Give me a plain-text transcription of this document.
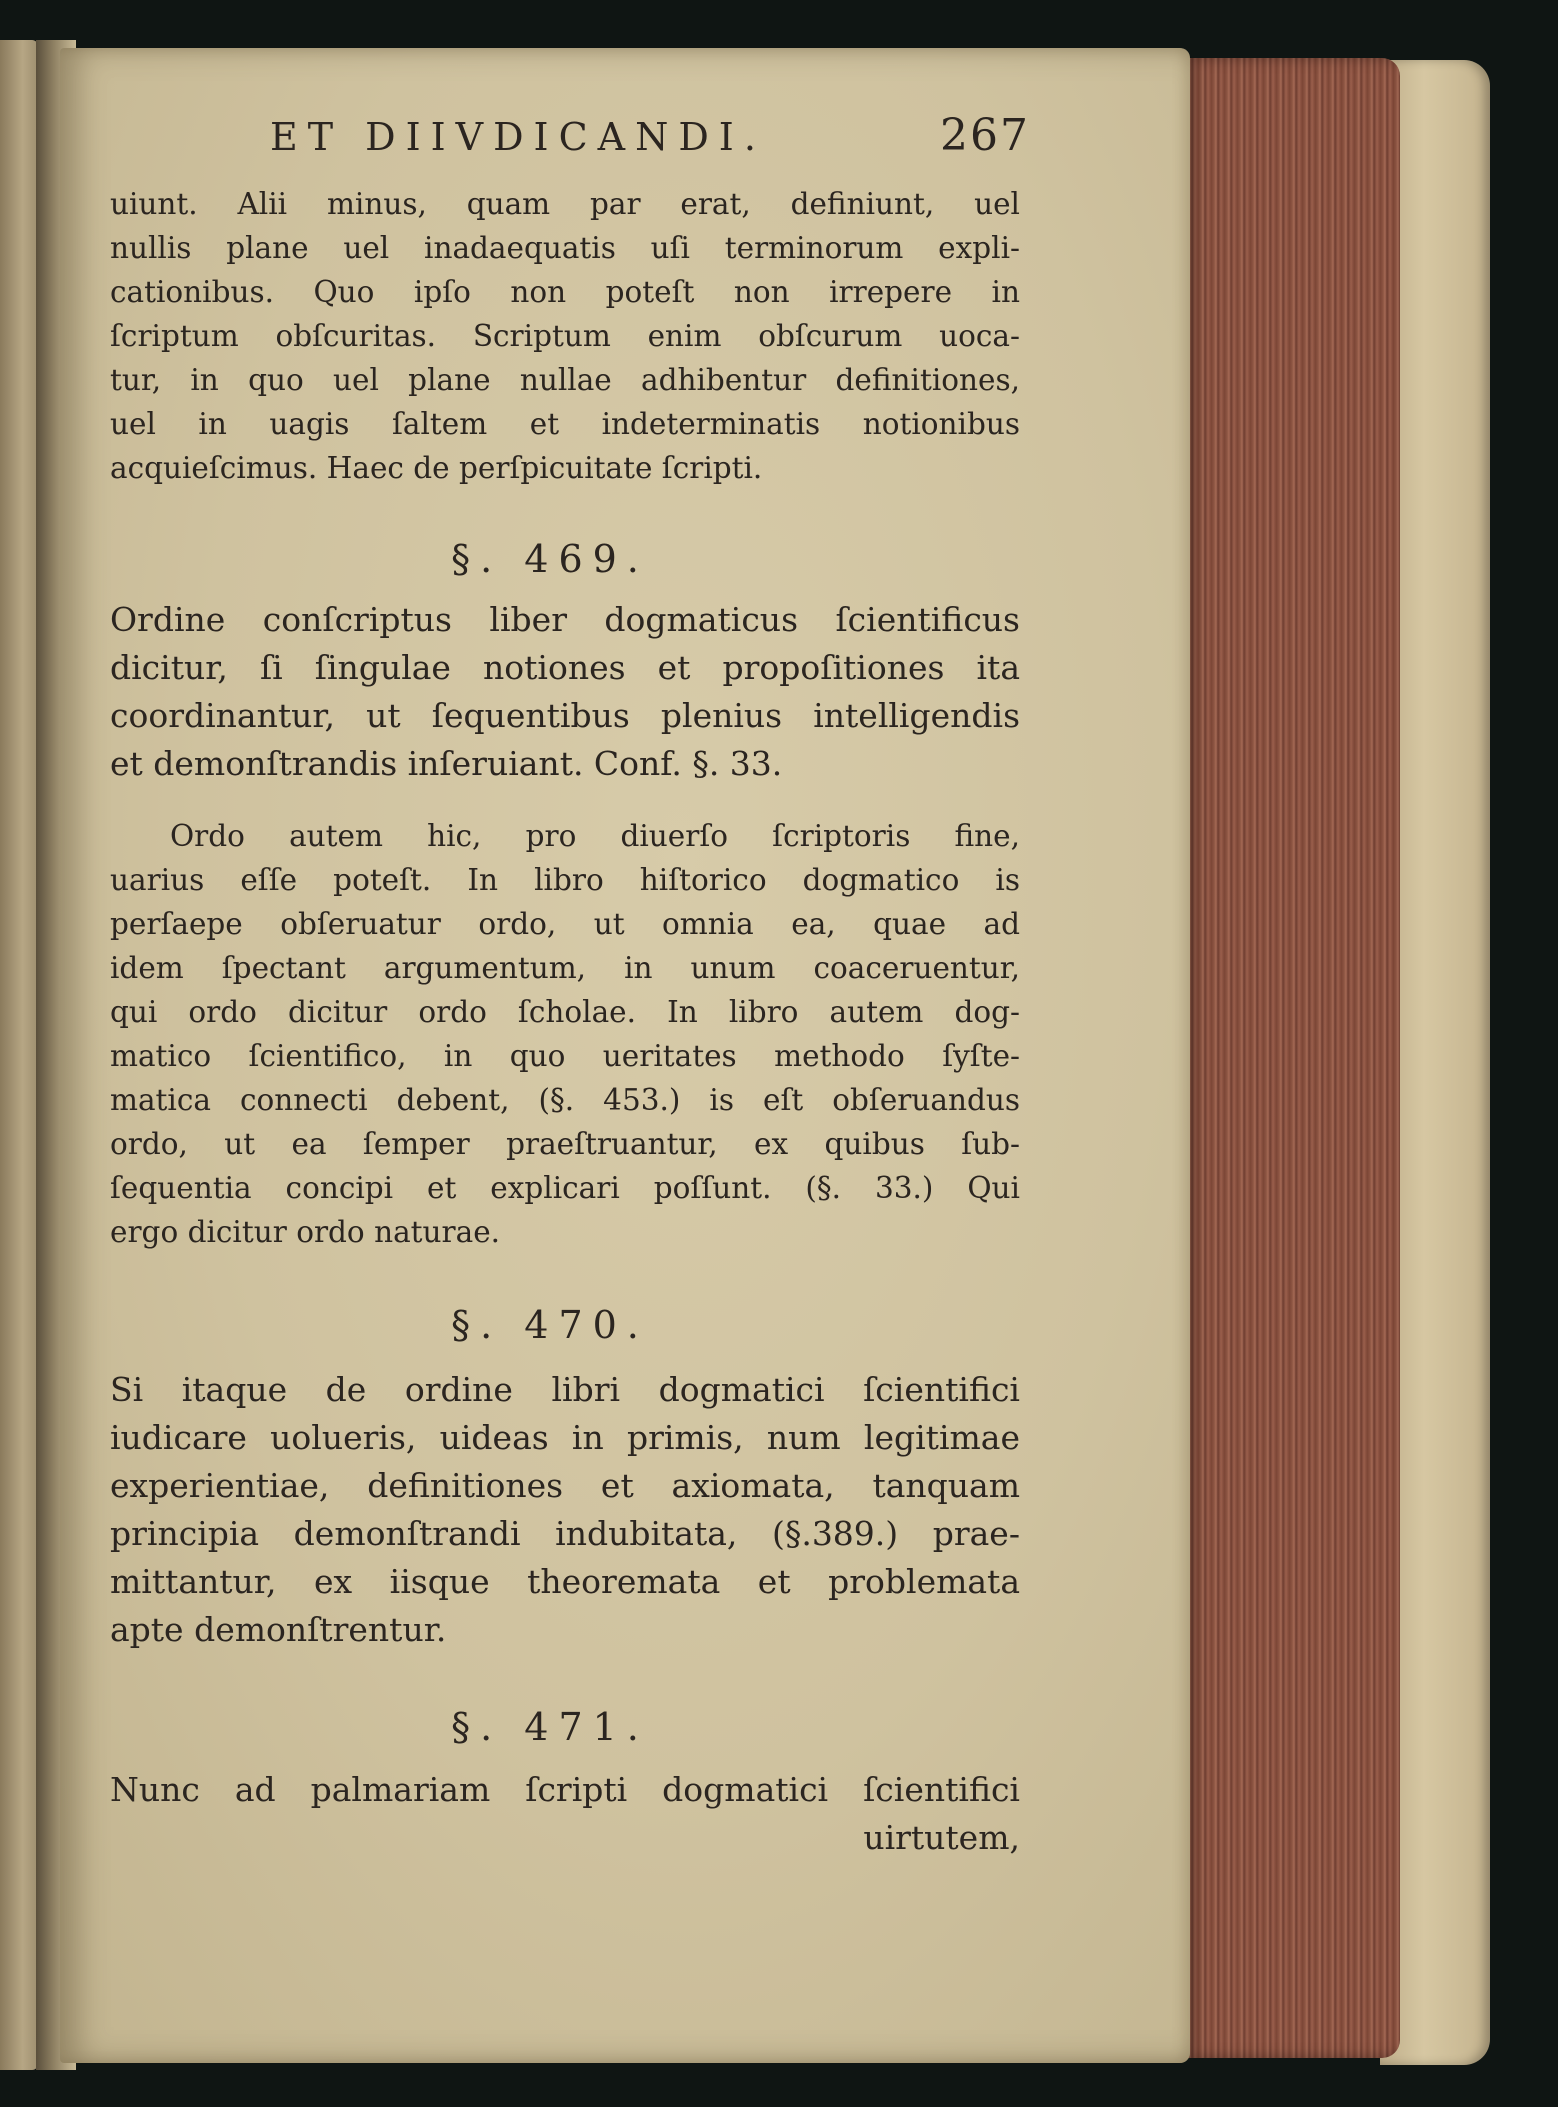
ET DIIVDICANDI.	267
uiunt. Alii minus, quam par erat, definiunt, uel
nullis plane uel inadaequatis uſi terminorum expli-
cationibus. Quo ipſo non poteſt non irrepere in
ſcriptum obſcuritas. Scriptum enim obſcurum uoca-
tur, in quo uel plane nullae adhibentur definitiones,
uel in uagis ſaltem et indeterminatis notionibus
acquieſcimus. Haec de perſpicuitate ſcripti.
§. 469.
Ordine conſcriptus liber dogmaticus ſcientificus
dicitur, ſi ſingulae notiones et propoſitiones ita
coordinantur, ut ſequentibus plenius intelligendis
et demonſtrandis inſeruiant. Conf. §. 33.
Ordo autem hic, pro diuerſo ſcriptoris fine,
uarius eſſe poteſt. In libro hiſtorico dogmatico is
perſaepe obſeruatur ordo, ut omnia ea, quae ad
idem ſpectant argumentum, in unum coaceruentur,
qui ordo dicitur ordo ſcholae. In libro autem dog-
matico ſcientifico, in quo ueritates methodo ſyſte-
matica connecti debent, (§. 453.) is eſt obſeruandus
ordo, ut ea ſemper praeſtruantur, ex quibus ſub-
ſequentia concipi et explicari poſſunt. (§. 33.) Qui
ergo dicitur ordo naturae.
§. 470.
Si itaque de ordine libri dogmatici ſcientifici
iudicare uolueris, uideas in primis, num legitimae
experientiae, definitiones et axiomata, tanquam
principia demonſtrandi indubitata, (§.389.) prae-
mittantur, ex iisque theoremata et problemata
apte demonſtrentur.
§. 471.
Nunc ad palmariam ſcripti dogmatici ſcientifici
uirtutem,
